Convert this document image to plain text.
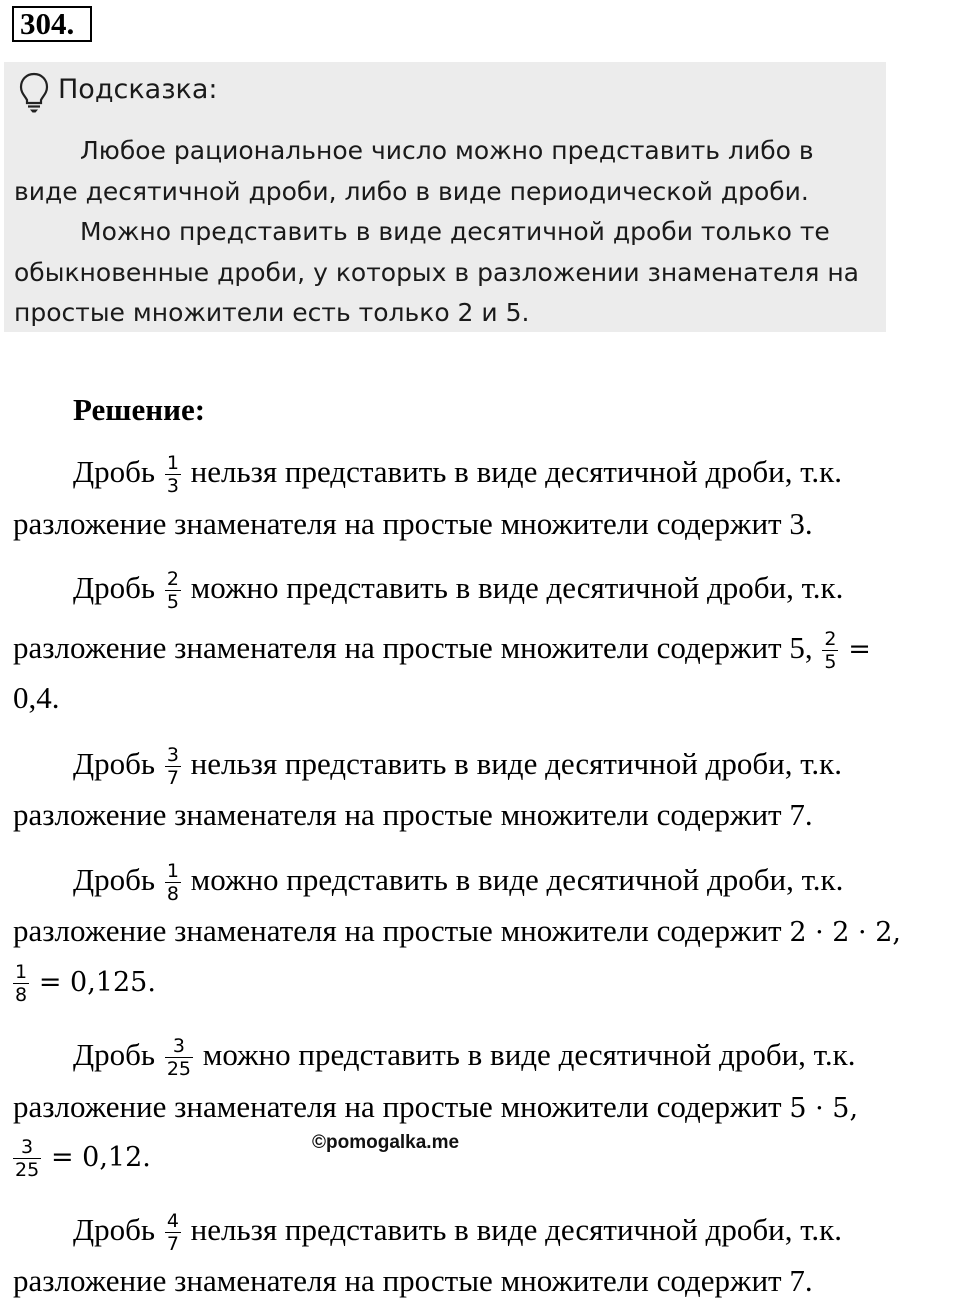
304.
Подсказка:

Любое рациональное число можно представить либо в виде десятичной дроби, либо в виде периодической дроби.

Можно представить в виде десятичной дроби только те обыкновенные дроби, у которых в разложении знаменателя на простые множители есть только 2 и 5.

Решение:
Дробь $\frac{1}{3}$ нельзя представить в виде десятичной дроби, т.к.
разложение знаменателя на простые множители содержит 3.
Дробь $\frac{2}{5}$ можно представить в виде десятичной дроби, т.к.
разложение знаменателя на простые множители содержит 5, $\frac{2}{5}$ =
0,4.
Дробь $\frac{3}{7}$ нельзя представить в виде десятичной дроби, т.к.
разложение знаменателя на простые множители содержит 7.
Дробь $\frac{1}{8}$ можно представить в виде десятичной дроби, т.к.
разложение знаменателя на простые множители содержит 2 · 2 · 2,
$\frac{1}{8} = 0,125$.
Дробь $\frac{3}{25}$ можно представить в виде десятичной дроби, т.к.
разложение знаменателя на простые множители содержит 5 · 5,
$\frac{3}{25} = 0,12$.
Дробь $\frac{4}{7}$ нельзя представить в виде десятичной дроби, т.к.
разложение знаменателя на простые множители содержит 7.
©pomogalka.me
